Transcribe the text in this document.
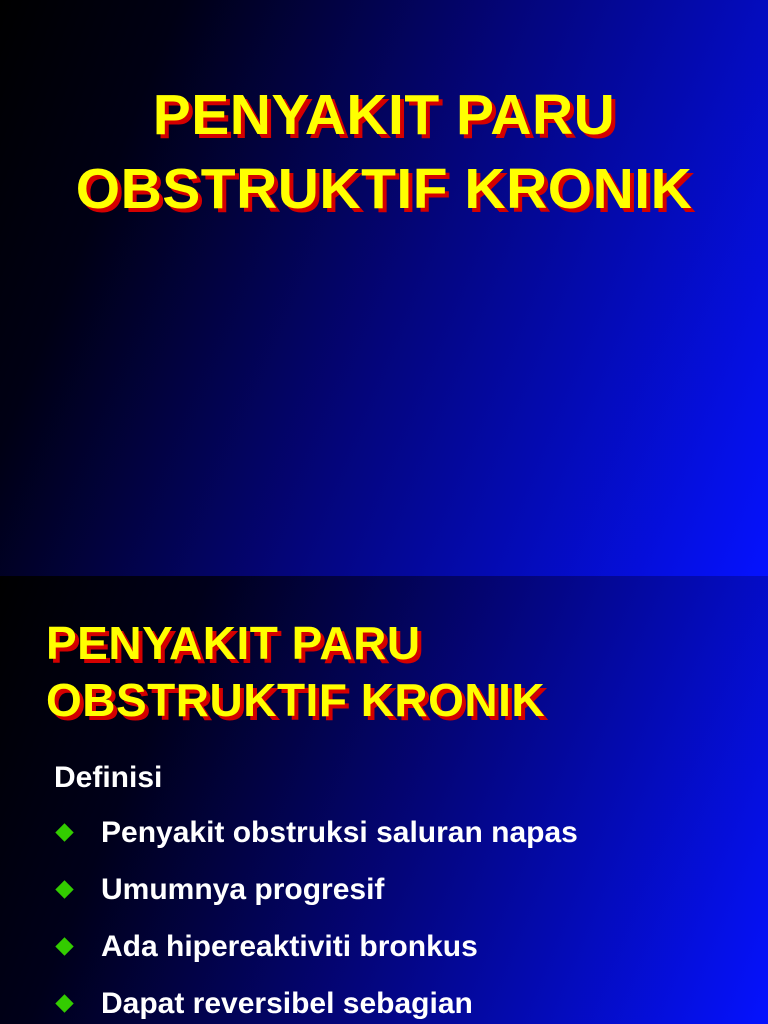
PENYAKIT PARU
OBSTRUKTIF KRONIK
PENYAKIT PARU
OBSTRUKTIF KRONIK
Definisi
Penyakit obstruksi saluran napas
Umumnya progresif
Ada hipereaktiviti bronkus
Dapat reversibel sebagian
